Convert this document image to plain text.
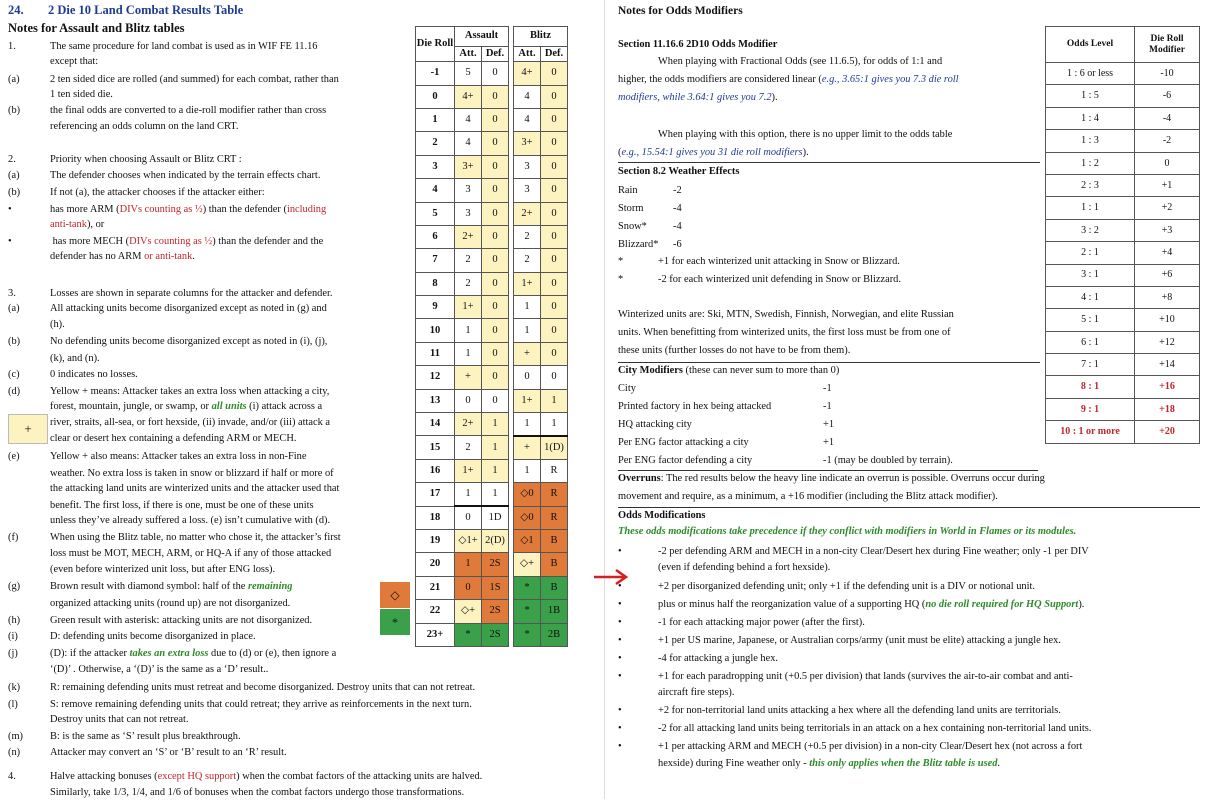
24. 2 Die 10 Land Combat Results Table
Notes for Assault and Blitz tables
1.	The same procedure for land combat is used as in WIF FE 11.16
except that:
(a)	2 ten sided dice are rolled (and summed) for each combat, rather than
1 ten sided die.
(b)	the final odds are converted to a die-roll modifier rather than cross
referencing an odds column on the land CRT.
2.	Priority when choosing Assault or Blitz CRT :
(a)	The defender chooses when indicated by the terrain effects chart.
(b)	If not (a), the attacker chooses if the attacker either:
•	has more ARM (DIVs counting as ½) than the defender (including
anti-tank), or
•	has more MECH (DIVs counting as ½) than the defender and the
defender has no ARM or anti-tank.
3.	Losses are shown in separate columns for the attacker and defender.
(a)	All attacking units become disorganized except as noted in (g) and
(h).
(b)	No defending units become disorganized except as noted in (i), (j),
(k), and (n).
(c)	0 indicates no losses.
(d)	Yellow + means: Attacker takes an extra loss when attacking a city,
forest, mountain, jungle, or swamp, or all units (i) attack across a
river, straits, all-sea, or fort hexside, (ii) invade, and/or (iii) attack a
clear or desert hex containing a defending ARM or MECH.
(e)	Yellow + also means: Attacker takes an extra loss in non-Fine
weather. No extra loss is taken in snow or blizzard if half or more of
the attacking land units are winterized units and the attacker used that
benefit. The first loss, if there is one, must be one of these units
unless they’ve already suffered a loss. (e) isn’t cumulative with (d).
(f)	When using the Blitz table, no matter who chose it, the attacker’s first
loss must be MOT, MECH, ARM, or HQ-A if any of those attacked
(even before winterized unit loss, but after ENG loss).
(g)	Brown result with diamond symbol: half of the remaining
organized attacking units (round up) are not disorganized.
(h)	Green result with asterisk: attacking units are not disorganized.
(i)	D: defending units become disorganized in place.
(j)	(D): if the attacker takes an extra loss due to (d) or (e), then ignore a
‘(D)’ . Otherwise, a ‘(D)’ is the same as a ‘D’ result..
(k)	R: remaining defending units must retreat and become disorganized. Destroy units that can not retreat.
(l)	S: remove remaining defending units that could retreat; they arrive as reinforcements in the next turn.
Destroy units that can not retreat.
(m)	B: is the same as ‘S’ result plus breakthrough.
(n)	Attacker may convert an ‘S’ or ‘B’ result to an ‘R’ result.
4.	Halve attacking bonuses (except HQ support) when the combat factors of the attacking units are halved.
Similarly, take 1/3, 1/4, and 1/6 of bonuses when the combat factors undergo those transformations.
+
◇
*
Die Roll	Assault			Blitz	
	Att.	Def.		Att.	Def.
-1	5	0		4+	0
0	4+	0		4	0
1	4	0		4	0
2	4	0		3+	0
3	3+	0		3	0
4	3	0		3	0
5	3	0		2+	0
6	2+	0		2	0
7	2	0		2	0
8	2	0		1+	0
9	1+	0		1	0
10	1	0		1	0
11	1	0		+	0
12	+	0		0	0
13	0	0		1+	1
14	2+	1		1	1
15	2	1		+	1(D)
16	1+	1		1	R
17	1	1		◇0	R
18	0	1D		◇0	R
19	◇1+	2(D)		◇1	B
20	1	2S		◇+	B
21	0	1S		*	B
22	◇+	2S		*	1B
23+	*	2S		*	2B
Notes for Odds Modifiers
Section 11.16.6 2D10 Odds Modifier
When playing with Fractional Odds (see 11.6.5), for odds of 1:1 and
higher, the odds modifiers are considered linear (e.g., 3.65:1 gives you 7.3 die roll
modifiers, while 3.64:1 gives you 7.2).
When playing with this option, there is no upper limit to the odds table
(e.g., 15.54:1 gives you 31 die roll modifiers).
Section 8.2 Weather Effects
Rain	-2
Storm	-4
Snow*	-4
Blizzard* -6
*	+1 for each winterized unit attacking in Snow or Blizzard.
*	-2 for each winterized unit defending in Snow or Blizzard.
Winterized units are: Ski, MTN, Swedish, Finnish, Norwegian, and elite Russian
units. When benefitting from winterized units, the first loss must be from one of
these units (further losses do not have to be from them).
City Modifiers (these can never sum to more than 0)
City	-1
Printed factory in hex being attacked	-1
HQ attacking city	+1
Per ENG factor attacking a city	+1
Per ENG factor defending a city	-1 (may be doubled by terrain).
Overruns: The red results below the heavy line indicate an overrun is possible. Overruns occur during
movement and require, as a minimum, a +16 modifier (including the Blitz attack modifier).
Odds Modifications
These odds modifications take precedence if they conflict with modifiers in World in Flames or its modules.
•	-2 per defending ARM and MECH in a non-city Clear/Desert hex during Fine weather; only -1 per DIV
(even if defending behind a fort hexside).
•	+2 per disorganized defending unit; only +1 if the defending unit is a DIV or notional unit.
•	plus or minus half the reorganization value of a supporting HQ (no die roll required for HQ Support).
•	-1 for each attacking major power (after the first).
•	+1 per US marine, Japanese, or Australian corps/army (unit must be elite) attacking a jungle hex.
•	-4 for attacking a jungle hex.
•	+1 for each paradropping unit (+0.5 per division) that lands (survives the air-to-air combat and anti-
aircraft fire steps).
•	+2 for non-territorial land units attacking a hex where all the defending land units are territorials.
•	-2 for all attacking land units being territorials in an attack on a hex containing non-territorial land units.
•	+1 per attacking ARM and MECH (+0.5 per division) in a non-city Clear/Desert hex (not across a fort
hexside) during Fine weather only - this only applies when the Blitz table is used.
Odds Level	Die Roll Modifier
1 : 6 or less	-10
1 : 5	-6
1 : 4	-4
1 : 3	-2
1 : 2	0
2 : 3	+1
1 : 1	+2
3 : 2	+3
2 : 1	+4
3 : 1	+6
4 : 1	+8
5 : 1	+10
6 : 1	+12
7 : 1	+14
8 : 1	+16
9 : 1	+18
10 : 1 or more	+20
